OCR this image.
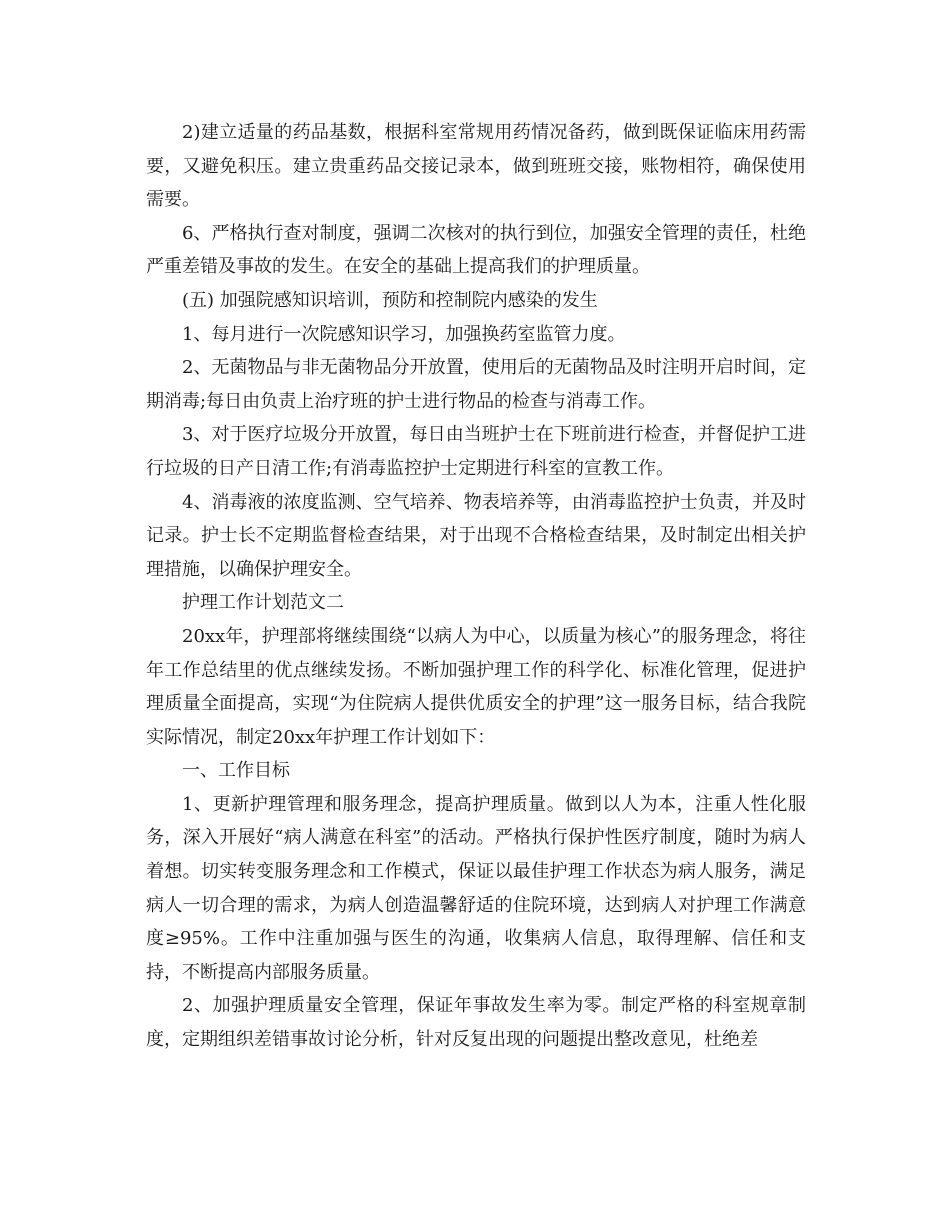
2)建立适量的药品基数，根据科室常规用药情况备药，做到既保证临床用药需要，又避免积压。建立贵重药品交接记录本，做到班班交接，账物相符，确保使用需要。

6、严格执行查对制度，强调二次核对的执行到位，加强安全管理的责任，杜绝严重差错及事故的发生。在安全的基础上提高我们的护理质量。

(五) 加强院感知识培训，预防和控制院内感染的发生

1、每月进行一次院感知识学习，加强换药室监管力度。

2、无菌物品与非无菌物品分开放置，使用后的无菌物品及时注明开启时间，定期消毒;每日由负责上治疗班的护士进行物品的检查与消毒工作。

3、对于医疗垃圾分开放置，每日由当班护士在下班前进行检查，并督促护工进行垃圾的日产日清工作;有消毒监控护士定期进行科室的宣教工作。

4、消毒液的浓度监测、空气培养、物表培养等，由消毒监控护士负责，并及时记录。护士长不定期监督检查结果，对于出现不合格检查结果，及时制定出相关护理措施，以确保护理安全。

护理工作计划范文二

20xx年，护理部将继续围绕“以病人为中心，以质量为核心”的服务理念，将往年工作总结里的优点继续发扬。不断加强护理工作的科学化、标准化管理，促进护理质量全面提高，实现“为住院病人提供优质安全的护理”这一服务目标，结合我院实际情况，制定20xx年护理工作计划如下：

一、工作目标

1、更新护理管理和服务理念，提高护理质量。做到以人为本，注重人性化服务，深入开展好“病人满意在科室”的活动。严格执行保护性医疗制度，随时为病人着想。切实转变服务理念和工作模式，保证以最佳护理工作状态为病人服务，满足病人一切合理的需求，为病人创造温馨舒适的住院环境，达到病人对护理工作满意度≥95%。工作中注重加强与医生的沟通，收集病人信息，取得理解、信任和支持，不断提高内部服务质量。

2、加强护理质量安全管理，保证年事故发生率为零。制定严格的科室规章制度，定期组织差错事故讨论分析，针对反复出现的问题提出整改意见，杜绝差
